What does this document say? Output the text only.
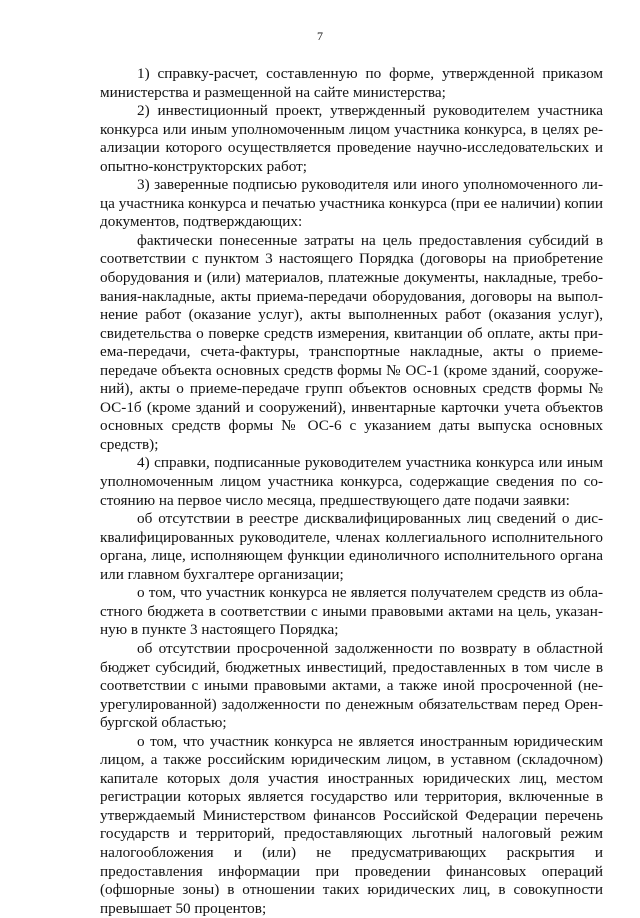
7

1) справку-расчет, составленную по форме, утвержденной приказом министерства и размещенной на сайте министерства;

2) инвестиционный проект, утвержденный руководителем участника конкурса или иным уполномоченным лицом участника конкурса, в целях реализации которого осуществляется проведение научно-исследовательских и опытно-конструкторских работ;

3) заверенные подписью руководителя или иного уполномоченного лица участника конкурса и печатью участника конкурса (при ее наличии) копии документов, подтверждающих:

фактически понесенные затраты на цель предоставления субсидий в соответствии с пунктом 3 настоящего Порядка (договоры на приобретение оборудования и (или) материалов, платежные документы, накладные, требования-накладные, акты приема-передачи оборудования, договоры на выполнение работ (оказание услуг), акты выполненных работ (оказания услуг), свидетельства о поверке средств измерения, квитанции об оплате, акты приема-передачи, счета-фактуры, транспортные накладные, акты о приеме-передаче объекта основных средств формы № ОС-1 (кроме зданий, сооружений), акты о приеме-передаче групп объектов основных средств формы № ОС-1б (кроме зданий и сооружений), инвентарные карточки учета объектов основных средств формы № ОС-6 с указанием даты выпуска основных средств);

4) справки, подписанные руководителем участника конкурса или иным уполномоченным лицом участника конкурса, содержащие сведения по состоянию на первое число месяца, предшествующего дате подачи заявки:

об отсутствии в реестре дисквалифицированных лиц сведений о дисквалифицированных руководителе, членах коллегиального исполнительного органа, лице, исполняющем функции единоличного исполнительного органа или главном бухгалтере организации;

о том, что участник конкурса не является получателем средств из областного бюджета в соответствии с иными правовыми актами на цель, указанную в пункте 3 настоящего Порядка;

об отсутствии просроченной задолженности по возврату в областной бюджет субсидий, бюджетных инвестиций, предоставленных в том числе в соответствии с иными правовыми актами, а также иной просроченной (неурегулированной) задолженности по денежным обязательствам перед Оренбургской областью;

о том, что участник конкурса не является иностранным юридическим лицом, а также российским юридическим лицом, в уставном (складочном) капитале которых доля участия иностранных юридических лиц, местом регистрации которых является государство или территория, включенные в утверждаемый Министерством финансов Российской Федерации перечень государств и территорий, предоставляющих льготный налоговый режим налогообложения и (или) не предусматривающих раскрытия и предоставления информации при проведении финансовых операций (офшорные зоны) в отношении таких юридических лиц, в совокупности превышает 50 процентов;
